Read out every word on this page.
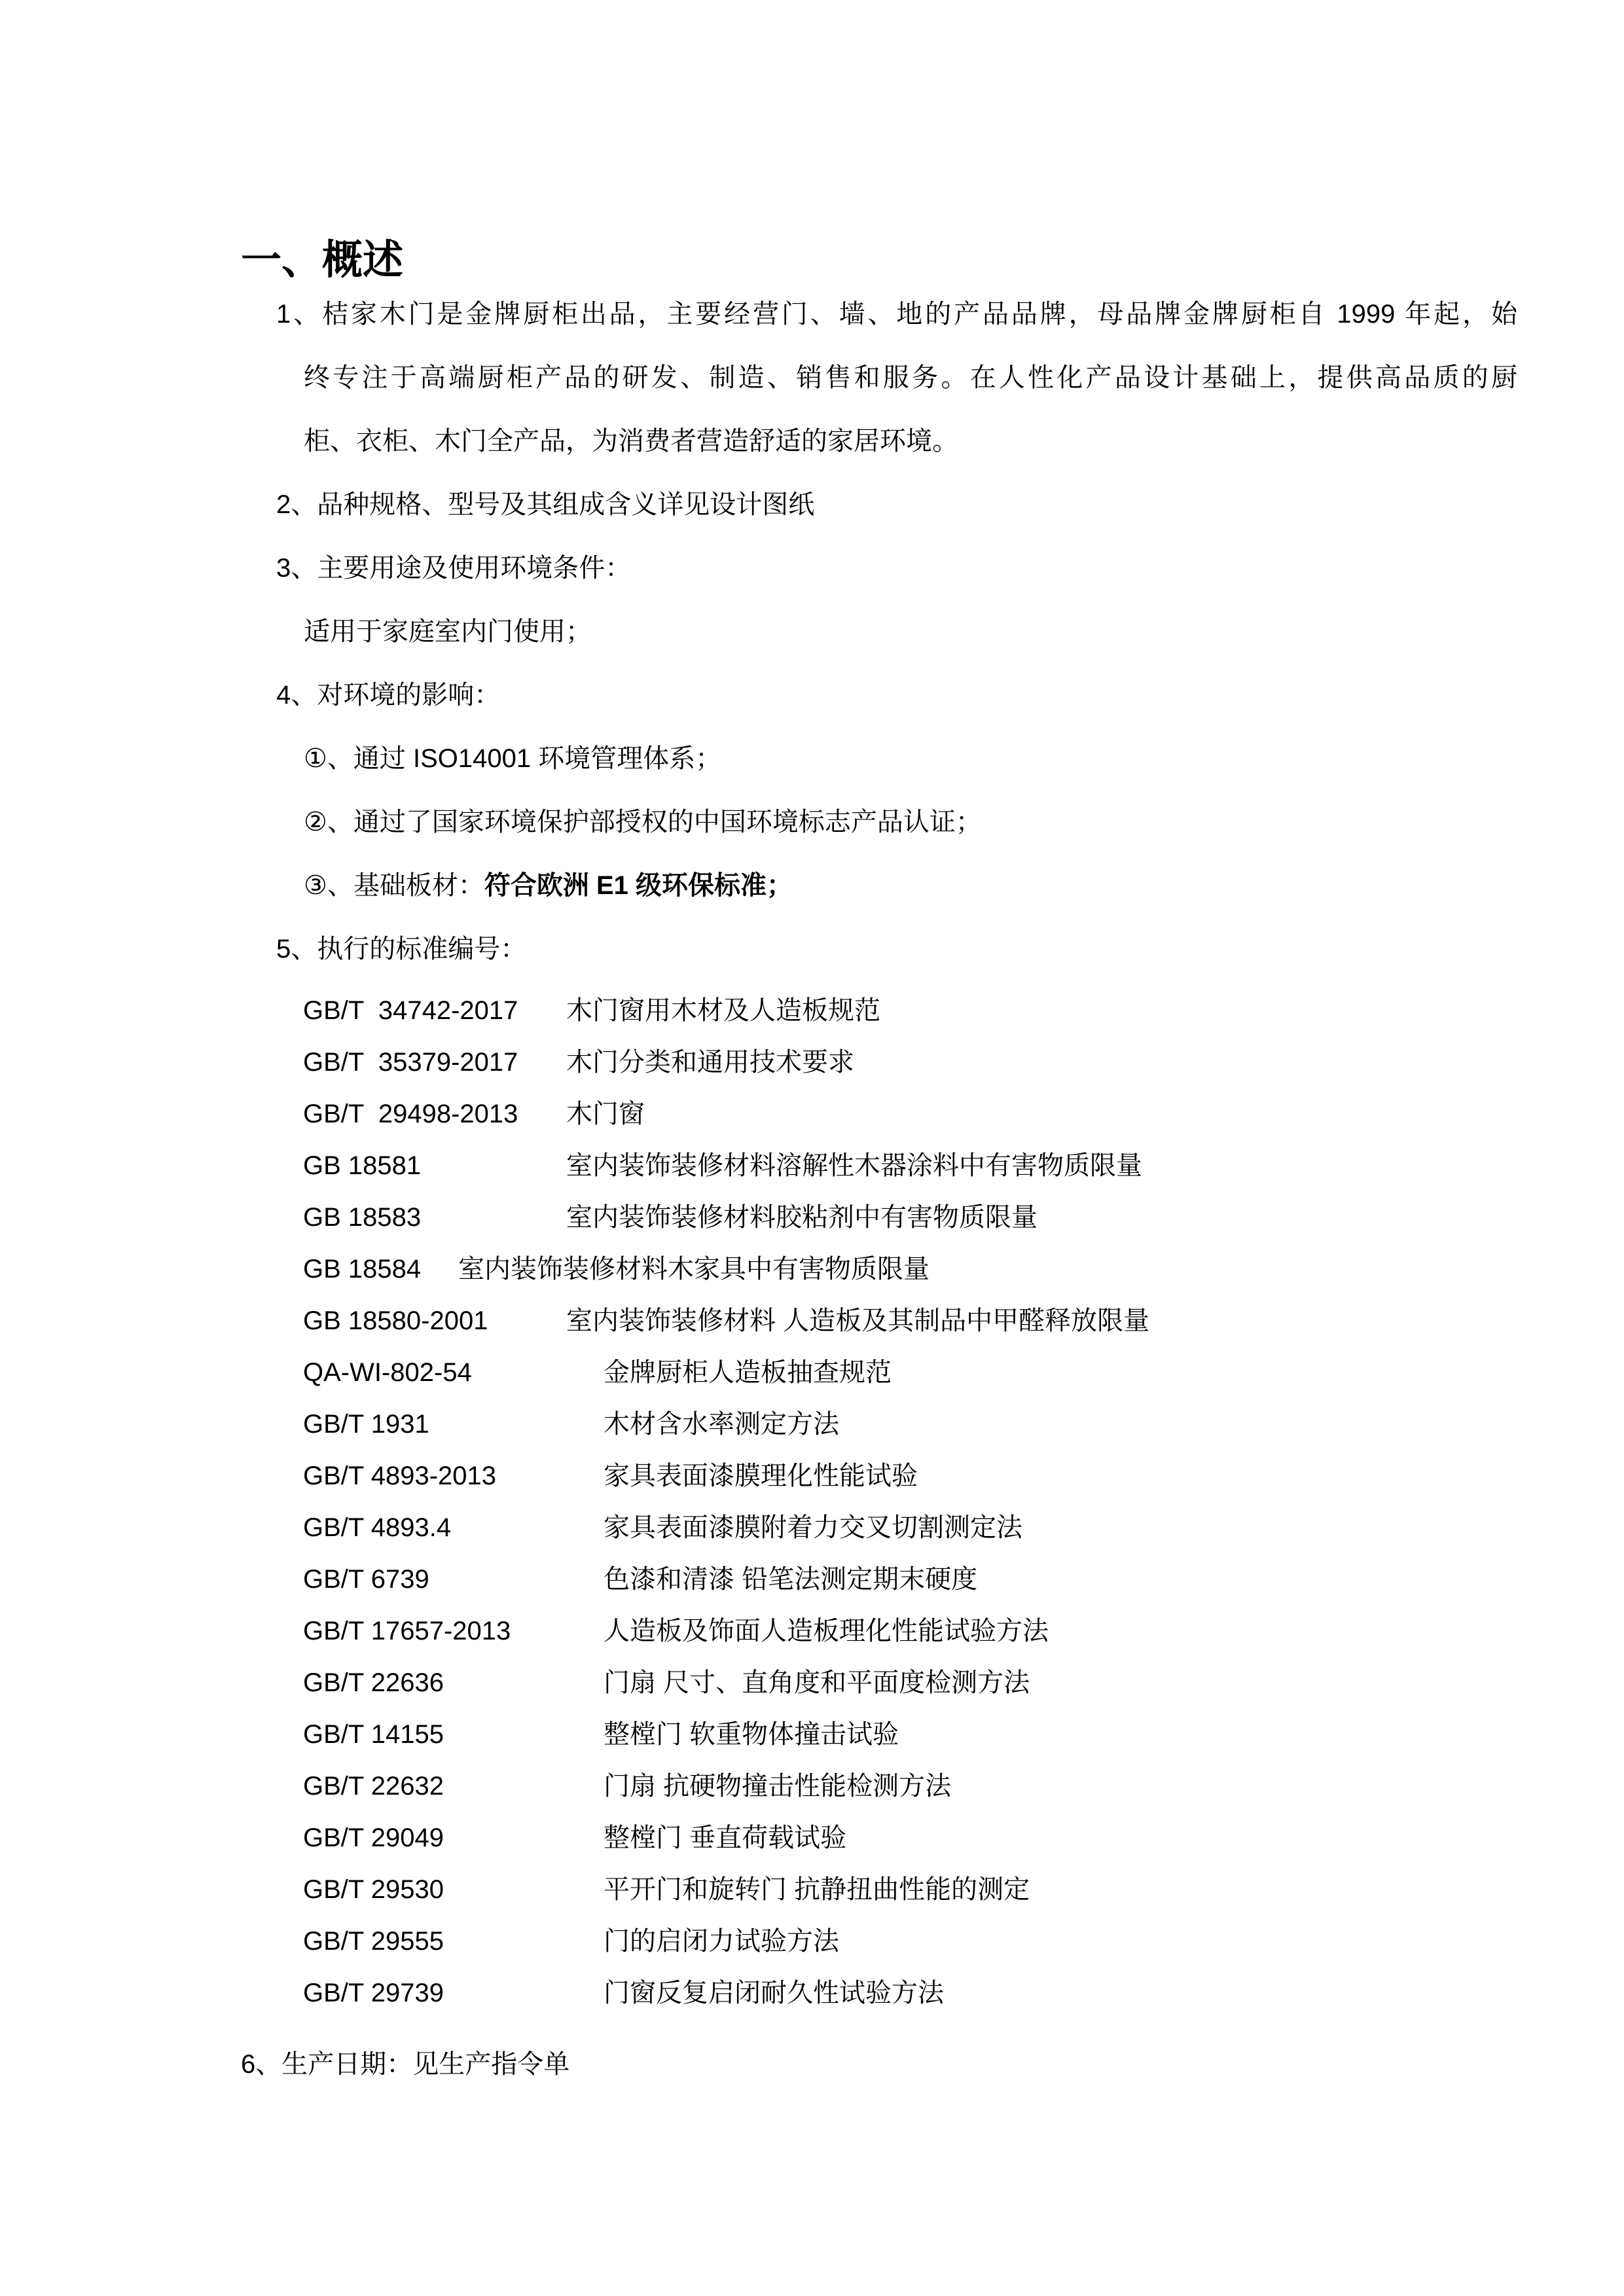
一、概述
1、桔家木门是金牌厨柜出品，主要经营门、墙、地的产品品牌，母品牌金牌厨柜自 1999 年起，始
终专注于高端厨柜产品的研发、制造、销售和服务。在人性化产品设计基础上，提供高品质的厨
柜、衣柜、木门全产品，为消费者营造舒适的家居环境。
2、品种规格、型号及其组成含义详见设计图纸
3、主要用途及使用环境条件：
适用于家庭室内门使用；
4、对环境的影响：
①、通过 ISO14001 环境管理体系；
②、通过了国家环境保护部授权的中国环境标志产品认证；
③、基础板材：符合欧洲 E1 级环保标准；
5、执行的标准编号：
GB/T  34742-2017 木门窗用木材及人造板规范
GB/T  35379-2017 木门分类和通用技术要求
GB/T  29498-2013 木门窗
GB 18581	室内装饰装修材料溶解性木器涂料中有害物质限量
GB 18583	室内装饰装修材料胶粘剂中有害物质限量
GB 18584 室内装饰装修材料木家具中有害物质限量
GB 18580-2001	室内装饰装修材料 人造板及其制品中甲醛释放限量
QA-WI-802-54	金牌厨柜人造板抽查规范
GB/T 1931	木材含水率测定方法
GB/T 4893-2013	家具表面漆膜理化性能试验
GB/T 4893.4	家具表面漆膜附着力交叉切割测定法
GB/T 6739	色漆和清漆 铅笔法测定期末硬度
GB/T 17657-2013	人造板及饰面人造板理化性能试验方法
GB/T 22636	门扇 尺寸、直角度和平面度检测方法
GB/T 14155	整樘门 软重物体撞击试验
GB/T 22632	门扇 抗硬物撞击性能检测方法
GB/T 29049	整樘门 垂直荷载试验
GB/T 29530	平开门和旋转门 抗静扭曲性能的测定
GB/T 29555	门的启闭力试验方法
GB/T 29739	门窗反复启闭耐久性试验方法
6、生产日期：见生产指令单
